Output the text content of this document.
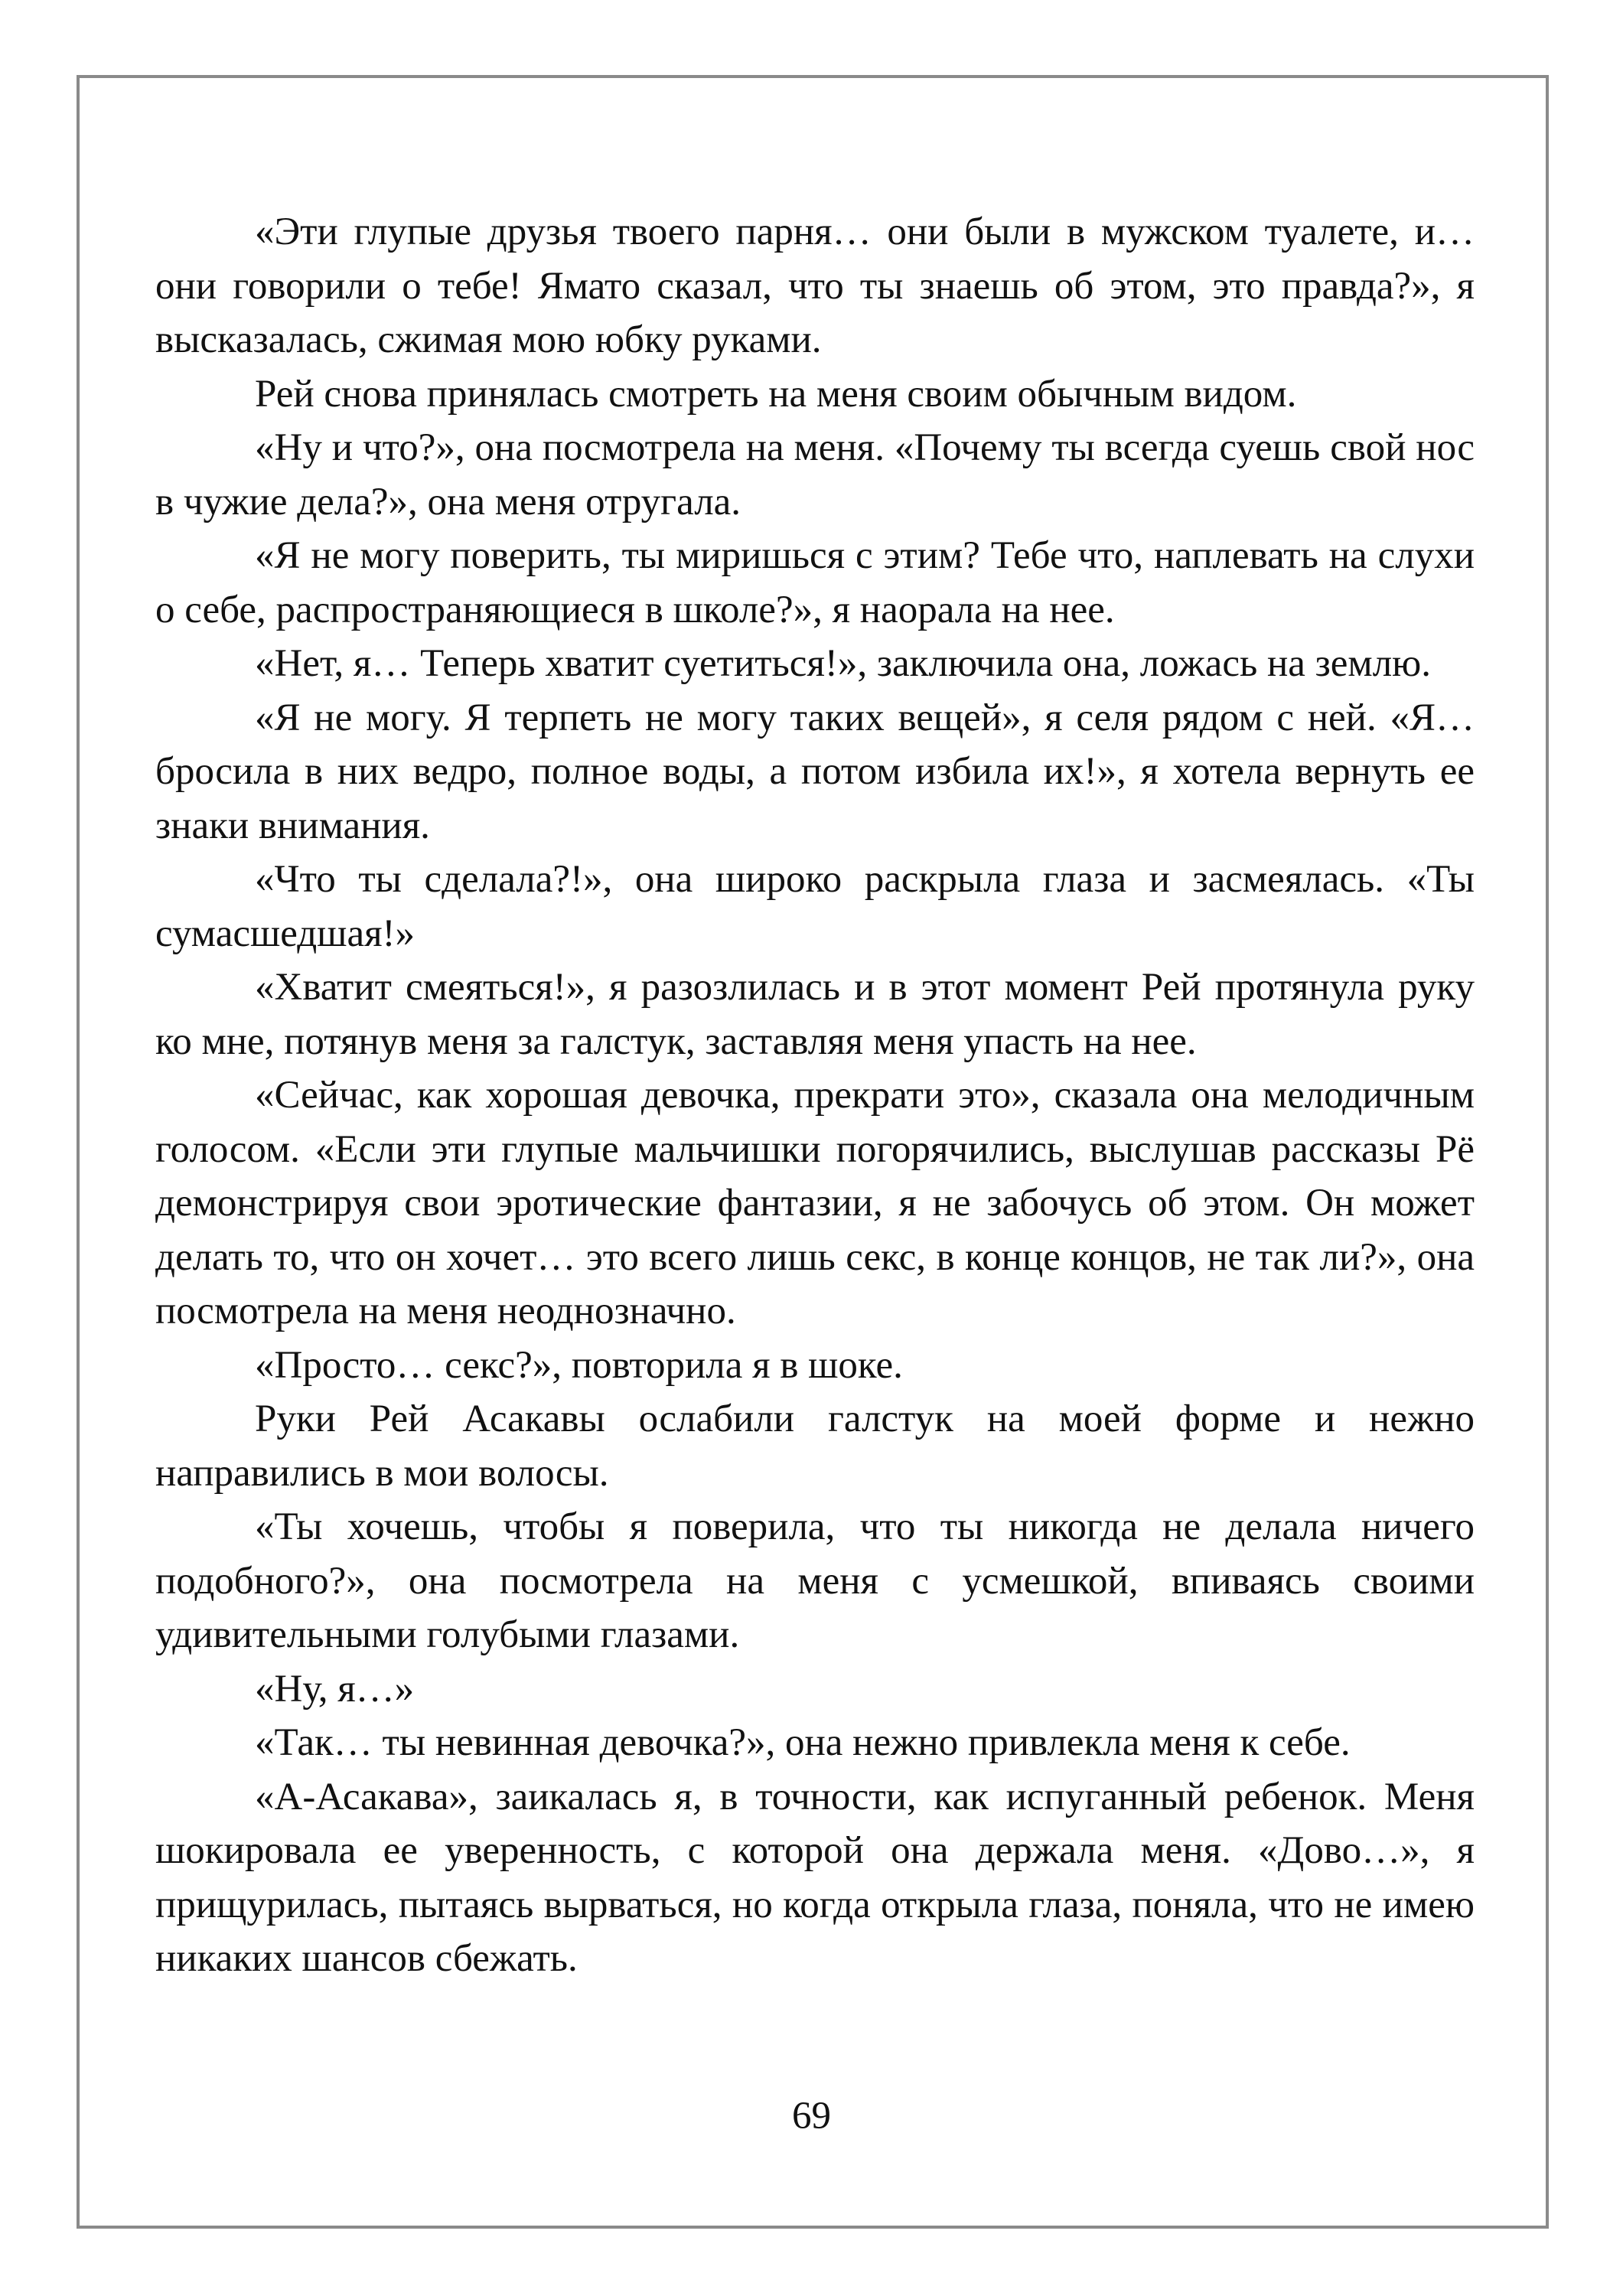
«Эти глупые друзья твоего парня… они были в мужском туалете, и… они говорили о тебе! Ямато сказал, что ты знаешь об этом, это правда?», я высказалась, сжимая мою юбку руками.

Рей снова принялась смотреть на меня своим обычным видом.

«Ну и что?», она посмотрела на меня. «Почему ты всегда суешь свой нос в чужие дела?», она меня отругала.

«Я не могу поверить, ты миришься с этим? Тебе что, наплевать на слухи о себе, распространяющиеся в школе?», я наорала на нее.

«Нет, я… Теперь хватит суетиться!», заключила она, ложась на землю.

«Я не могу. Я терпеть не могу таких вещей», я селя рядом с ней. «Я… бросила в них ведро, полное воды, а потом избила их!», я хотела вернуть ее знаки внимания.

«Что ты сделала?!», она широко раскрыла глаза и засмеялась. «Ты сумасшедшая!»

«Хватит смеяться!», я разозлилась и в этот момент Рей протянула руку ко мне, потянув меня за галстук, заставляя меня упасть на нее.

«Сейчас, как хорошая девочка, прекрати это», сказала она мелодичным голосом. «Если эти глупые мальчишки погорячились, выслушав рассказы Рё демонстрируя свои эротические фантазии, я не забочусь об этом. Он может делать то, что он хочет… это всего лишь секс, в конце концов, не так ли?», она посмотрела на меня неоднозначно.

«Просто… секс?», повторила я в шоке.

Руки Рей Асакавы ослабили галстук на моей форме и нежно направились в мои волосы.

«Ты хочешь, чтобы я поверила, что ты никогда не делала ничего подобного?», она посмотрела на меня с усмешкой, впиваясь своими удивительными голубыми глазами.

«Ну, я…»

«Так… ты невинная девочка?», она нежно привлекла меня к себе.

«А-Асакава», заикалась я, в точности, как испуганный ребенок. Меня шокировала ее уверенность, с которой она держала меня. «Дово…», я прищурилась, пытаясь вырваться, но когда открыла глаза, поняла, что не имею никаких шансов сбежать.

69
